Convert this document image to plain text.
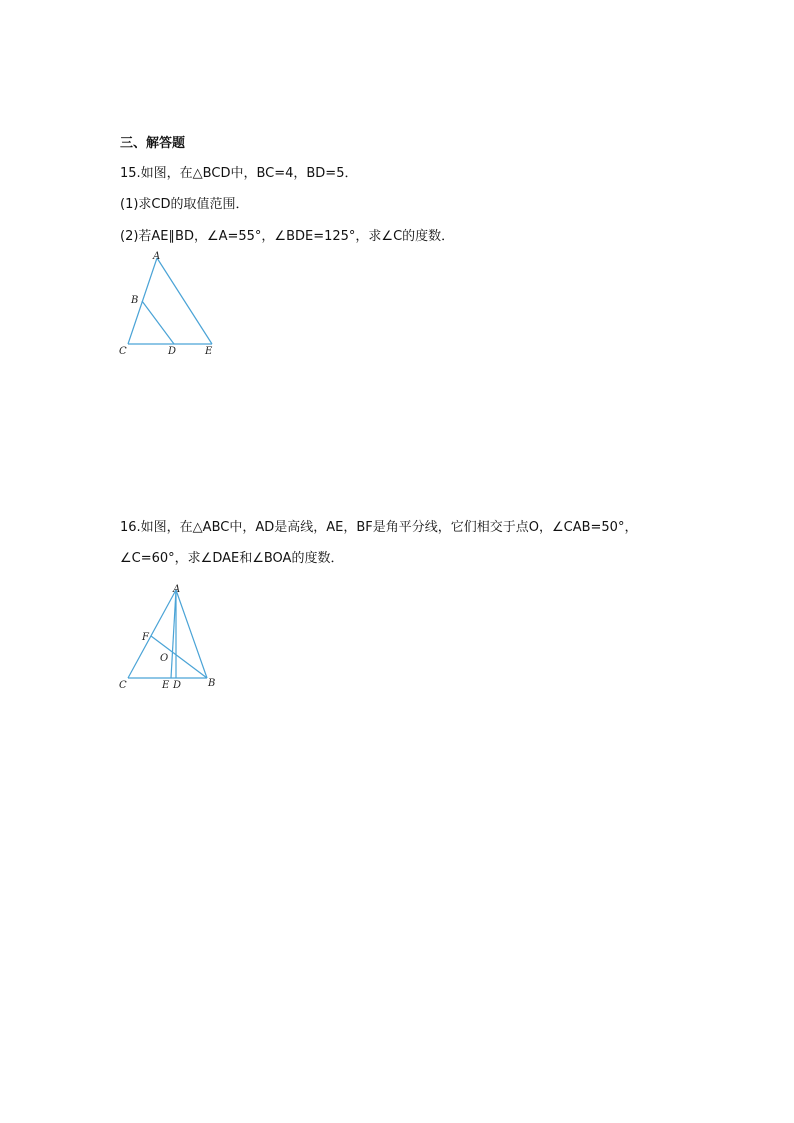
三、解答题
15.如图，在△BCD中，BC=4，BD=5．
(1)求CD的取值范围．
(2)若AE∥BD，∠A=55°，∠BDE=125°，求∠C的度数．
A
B
C	D	E
16.如图，在△ABC中，AD是高线，AE，BF是角平分线，它们相交于点O，∠CAB=50°，
∠C=60°，求∠DAE和∠BOA的度数．
A
F
O
C	E D	B
